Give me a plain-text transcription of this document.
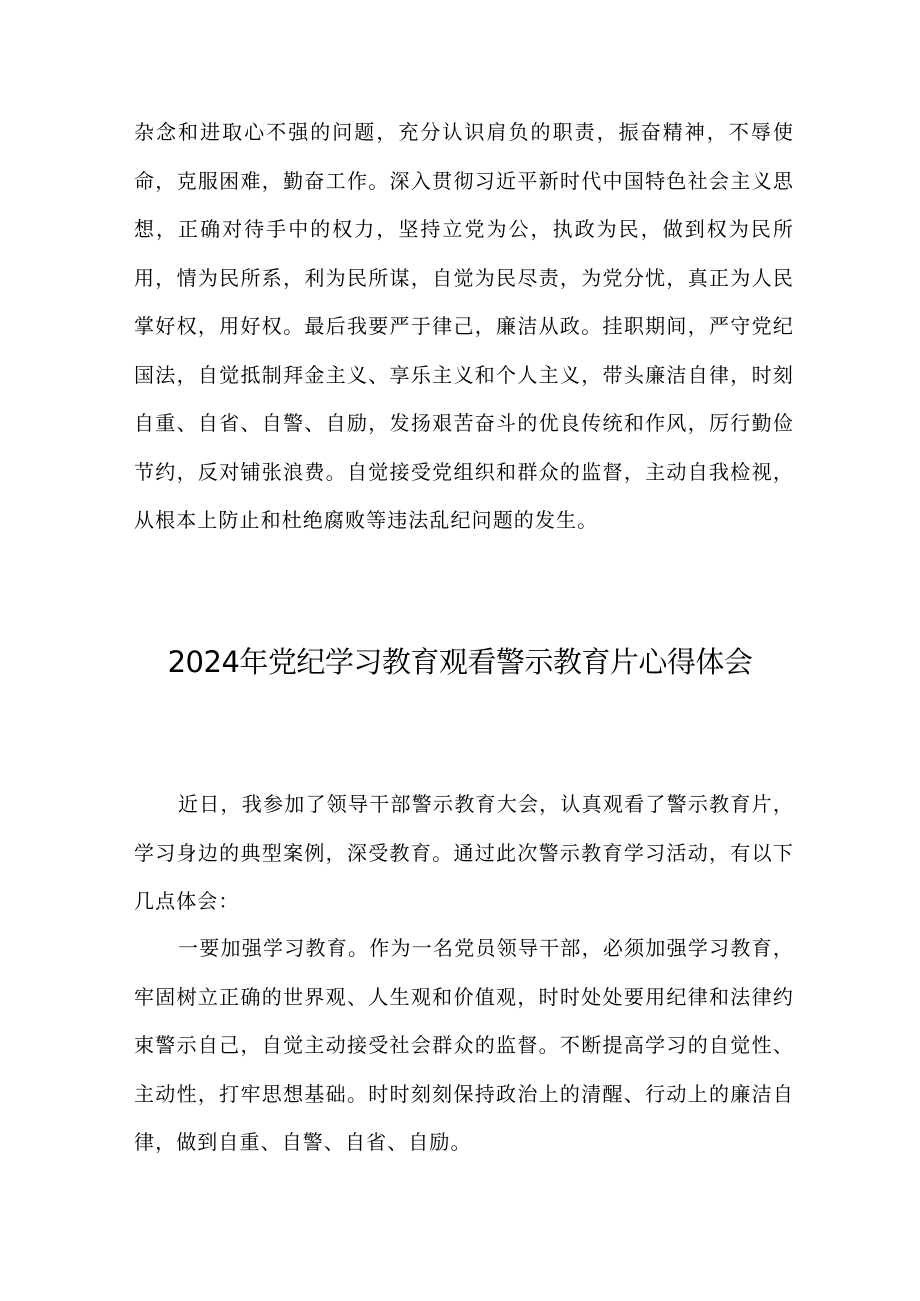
杂念和进取心不强的问题，充分认识肩负的职责，振奋精神，不辱使命，克服困难，勤奋工作。深入贯彻习近平新时代中国特色社会主义思想，正确对待手中的权力，坚持立党为公，执政为民，做到权为民所用，情为民所系，利为民所谋，自觉为民尽责，为党分忧，真正为人民掌好权，用好权。最后我要严于律己，廉洁从政。挂职期间，严守党纪国法，自觉抵制拜金主义、享乐主义和个人主义，带头廉洁自律，时刻自重、自省、自警、自励，发扬艰苦奋斗的优良传统和作风，厉行勤俭节约，反对铺张浪费。自觉接受党组织和群众的监督，主动自我检视，从根本上防止和杜绝腐败等违法乱纪问题的发生。

2024年党纪学习教育观看警示教育片心得体会

近日，我参加了领导干部警示教育大会，认真观看了警示教育片，学习身边的典型案例，深受教育。通过此次警示教育学习活动，有以下几点体会：

一要加强学习教育。作为一名党员领导干部，必须加强学习教育，牢固树立正确的世界观、人生观和价值观，时时处处要用纪律和法律约束警示自己，自觉主动接受社会群众的监督。不断提高学习的自觉性、主动性，打牢思想基础。时时刻刻保持政治上的清醒、行动上的廉洁自律，做到自重、自警、自省、自励。
